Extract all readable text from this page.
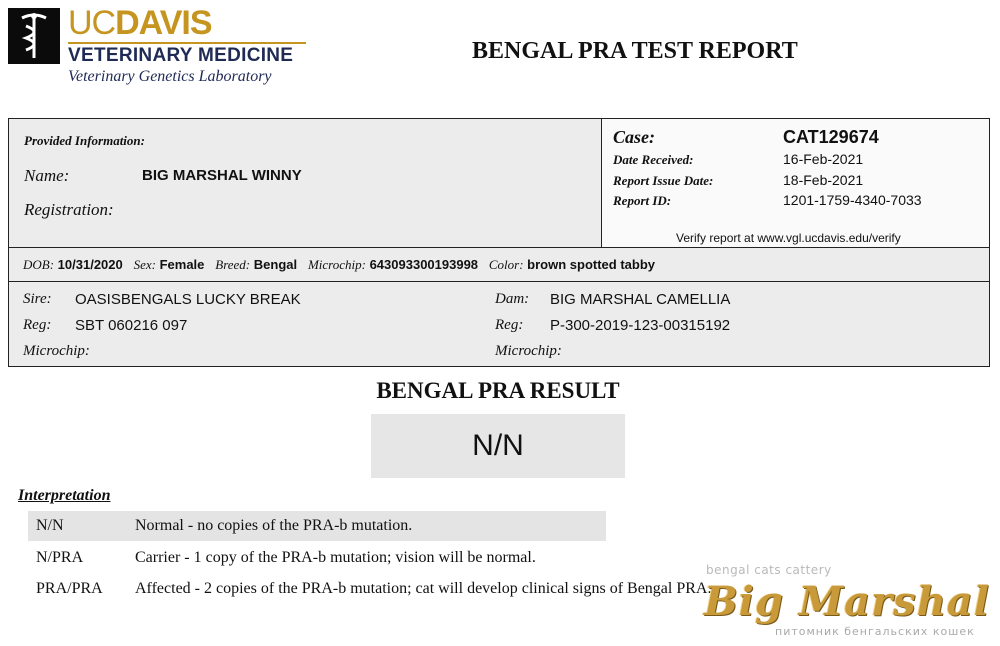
UCDAVIS
VETERINARY MEDICINE
Veterinary Genetics Laboratory
BENGAL PRA TEST REPORT
Provided Information:
Name:	BIG MARSHAL WINNY
Registration:
Case:	CAT129674
Date Received:	16-Feb-2021
Report Issue Date:	18-Feb-2021
Report ID:	1201-1759-4340-7033
Verify report at www.vgl.ucdavis.edu/verify
DOB: 10/31/2020 Sex: Female Breed: Bengal Microchip: 643093300193998 Color: brown spotted tabby
Sire: OASISBENGALS LUCKY BREAK
Reg: SBT 060216 097
Microchip:
Dam: BIG MARSHAL CAMELLIA
Reg: P-300-2019-123-00315192
Microchip:
BENGAL PRA RESULT
N/N
Interpretation
N/N	Normal - no copies of the PRA-b mutation.
N/PRA	Carrier - 1 copy of the PRA-b mutation; vision will be normal.
PRA/PRA Affected - 2 copies of the PRA-b mutation; cat will develop clinical signs of Bengal PRA.
bengal cats cattery
Big Marshal
питомник бенгальских кошек
